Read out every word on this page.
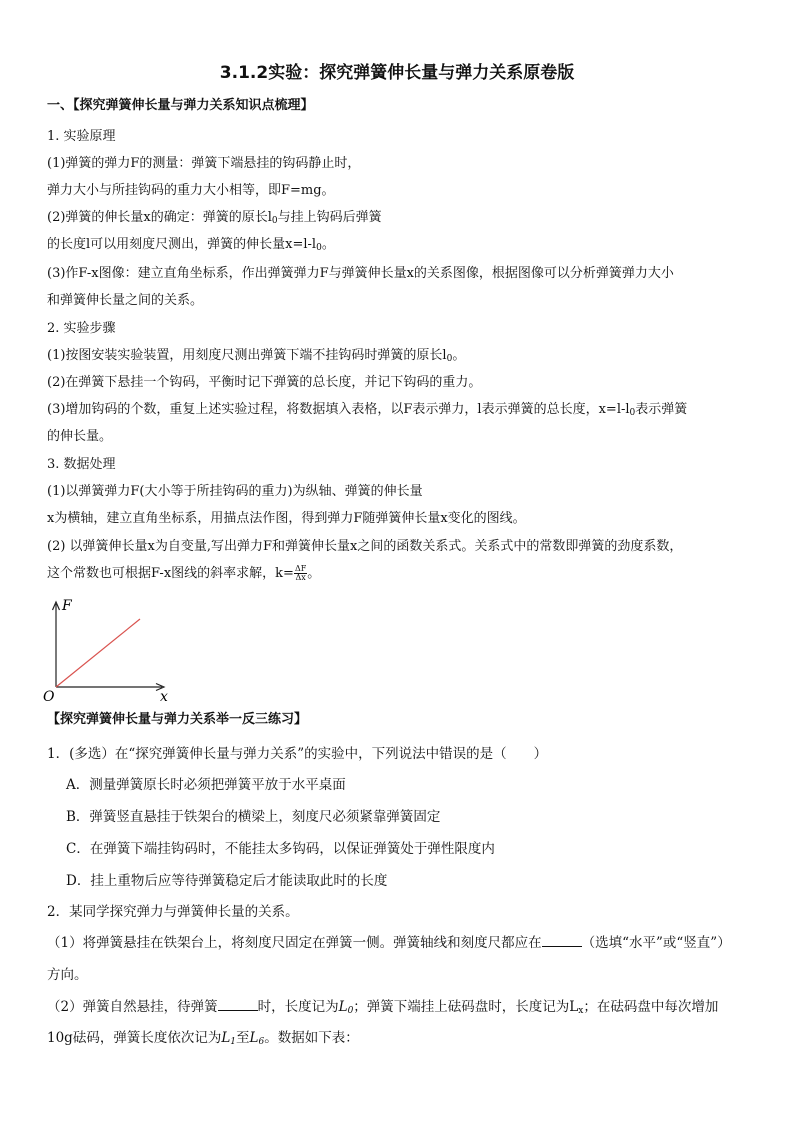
3.1.2实验：探究弹簧伸长量与弹力关系原卷版
一、【探究弹簧伸长量与弹力关系知识点梳理】
1. 实验原理
(1)弹簧的弹力F的测量：弹簧下端悬挂的钩码静止时，
弹力大小与所挂钩码的重力大小相等，即F=mg。
(2)弹簧的伸长量x的确定：弹簧的原长$l_0$与挂上钩码后弹簧
的长度l可以用刻度尺测出，弹簧的伸长量$x=l-l_0$。
(3)作F-x图像：建立直角坐标系，作出弹簧弹力F与弹簧伸长量x的关系图像，根据图像可以分析弹簧弹力大小
和弹簧伸长量之间的关系。
2. 实验步骤
(1)按图安装实验装置，用刻度尺测出弹簧下端不挂钩码时弹簧的原长$l_0$。
(2)在弹簧下悬挂一个钩码，平衡时记下弹簧的总长度，并记下钩码的重力。
(3)增加钩码的个数，重复上述实验过程，将数据填入表格，以F表示弹力，l表示弹簧的总长度，$x=l-l_0$表示弹簧
的伸长量。
3. 数据处理
(1)以弹簧弹力F(大小等于所挂钩码的重力)为纵轴、弹簧的伸长量
x为横轴，建立直角坐标系，用描点法作图，得到弹力F随弹簧伸长量x变化的图线。
(2) 以弹簧伸长量x为自变量,写出弹力F和弹簧伸长量x之间的函数关系式。关系式中的常数即弹簧的劲度系数，
这个常数也可根据F-x图线的斜率求解，$k= \frac{\Delta F}{\Delta x}$ 。
F
x
O
【探究弹簧伸长量与弹力关系举一反三练习】
1．(多选）在“探究弹簧伸长量与弹力关系”的实验中，下列说法中错误的是（　　）
A．测量弹簧原长时必须把弹簧平放于水平桌面
B．弹簧竖直悬挂于铁架台的横梁上，刻度尺必须紧靠弹簧固定
C．在弹簧下端挂钩码时，不能挂太多钩码，以保证弹簧处于弹性限度内
D．挂上重物后应等待弹簧稳定后才能读取此时的长度
2．某同学探究弹力与弹簧伸长量的关系。
（1）将弹簧悬挂在铁架台上，将刻度尺固定在弹簧一侧。弹簧轴线和刻度尺都应在	（选填“水平”或“竖直”）
方向。
（2）弹簧自然悬挂，待弹簧	时，长度记为$L_0$；弹簧下端挂上砝码盘时，长度记为$L_x$；在砝码盘中每次增加
10g砝码，弹簧长度依次记为$L_1$至$L_6$。数据如下表：
